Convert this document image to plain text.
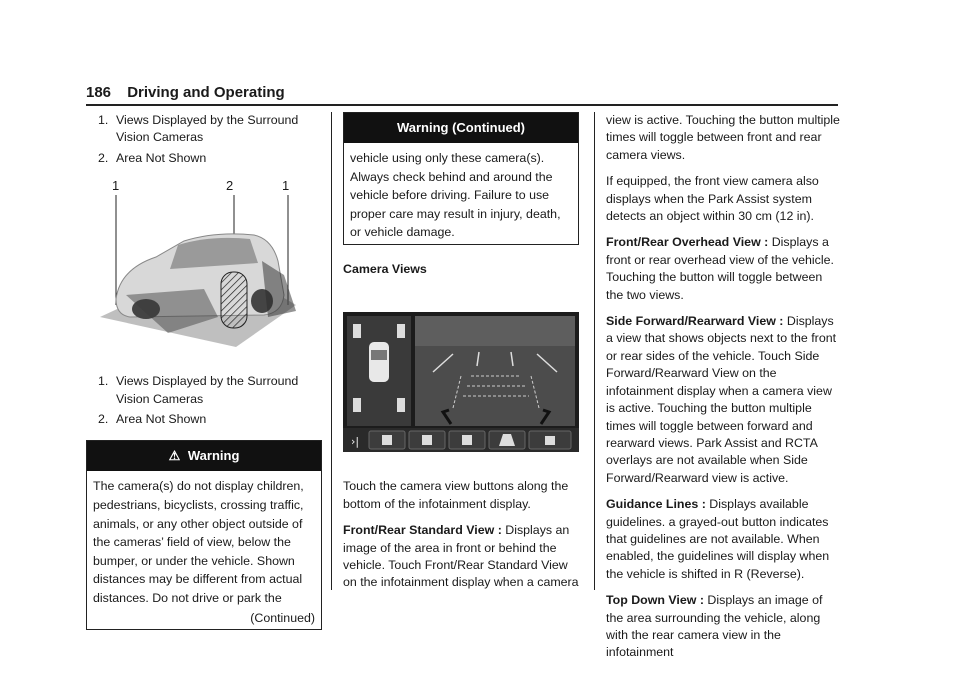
186 Driving and Operating
1. Views Displayed by the Surround Vision Cameras
2. Area Not Shown
1	2	1
1. Views Displayed by the Surround Vision Cameras
2. Area Not Shown
⚠ Warning
The camera(s) do not display children, pedestrians, bicyclists, crossing traffic, animals, or any other object outside of the cameras’ field of view, below the bumper, or under the vehicle. Shown distances may be different from actual distances. Do not drive or park the
(Continued)
Warning (Continued)
vehicle using only these camera(s). Always check behind and around the vehicle before driving. Failure to use proper care may result in injury, death, or vehicle damage.
Camera Views
›|

Touch the camera view buttons along the bottom of the infotainment display.

Front/Rear Standard View : Displays an image of the area in front or behind the vehicle. Touch Front/Rear Standard View on the infotainment display when a camera

view is active. Touching the button multiple times will toggle between front and rear camera views.

If equipped, the front view camera also displays when the Park Assist system detects an object within 30 cm (12 in).

Front/Rear Overhead View : Displays a front or rear overhead view of the vehicle. Touching the button will toggle between the two views.

Side Forward/Rearward View : Displays a view that shows objects next to the front or rear sides of the vehicle. Touch Side Forward/Rearward View on the infotainment display when a camera view is active. Touching the button multiple times will toggle between forward and rearward views. Park Assist and RCTA overlays are not available when Side Forward/Rearward view is active.

Guidance Lines : Displays available guidelines. a grayed-out button indicates that guidelines are not available. When enabled, the guidelines will display when the vehicle is shifted in R (Reverse).

Top Down View : Displays an image of the area surrounding the vehicle, along with the rear camera view in the infotainment
